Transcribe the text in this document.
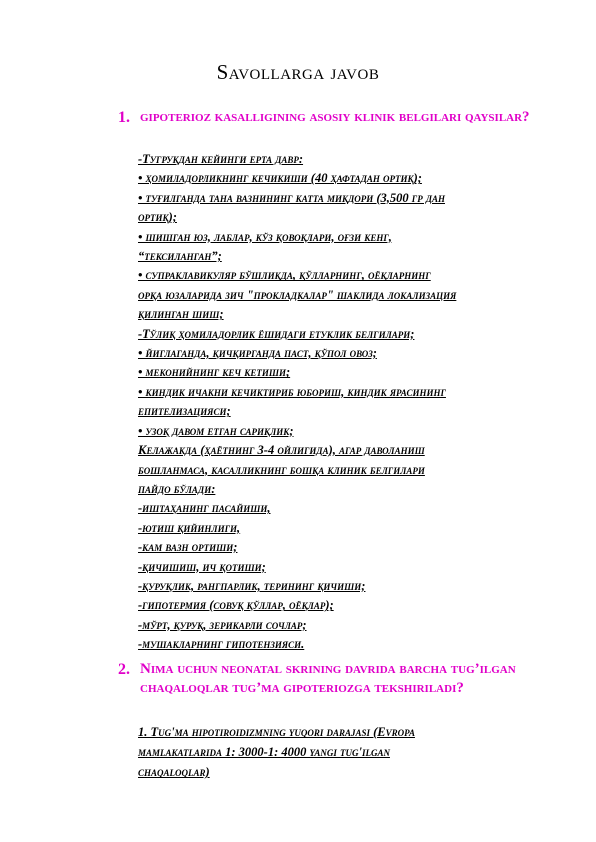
Savollarga javob
1. gipoterioz kasalligining asosiy klinik belgilari qaysilar?
-Тугруқдан кейинги ерта давр:
• ҳомиладорликнинг кечикиши (40 ҳафтадан ортиқ);
• туғилганда тана вазнининг катта миқдори (3,500 гр дан
ортиқ);
• шишган юз, лаблар, кўз қовоқлари, оғзи кенг,
“тексиланган”;
• супраклавикуляр бўшлиқда, қўлларнинг, оёқларнинг
орқа юзаларида зич "прокладкалар" шаклида локализация
қилинган шиш;
-Тўлиқ ҳомиладорлик ёшидаги етуклик белгилари;
• йиглаганда, қичқирганда паст, қўпол овоз;
• меконийнинг кеч кетиши;
• киндик ичакни кечиктириб юбориш, киндик ярасининг
епителизацияси;
• узоқ давом етган сариқлик;
Келажакда (ҳаётнинг 3-4 ойлигида), агар даволаниш
бошланмаса, касалликнинг бошқа клиник белгилари
пайдо бўлади:
-иштаҳанинг пасайиши,
-ютиш қийинлиги,
-кам вазн ортиши;
-қичишиш, ич қотиши;
-қуруқлик, рангпарлик, терининг қичиши;
-гипотермия (совуқ қўллар, оёқлар);
-мўрт, қуруқ, зерикарли сочлар;
-мушакларнинг гипотензияси.
2. Nima uchun neonatal skrining davrida barcha tug’ilgan chaqaloqlar tug’ma gipoteriozga tekshiriladi?
1. Tug'ma hipotiroidizmning yuqori darajasi (Evropa
mamlakatlarida 1: 3000-1: 4000 yangi tug'ilgan
chaqaloqlar)
